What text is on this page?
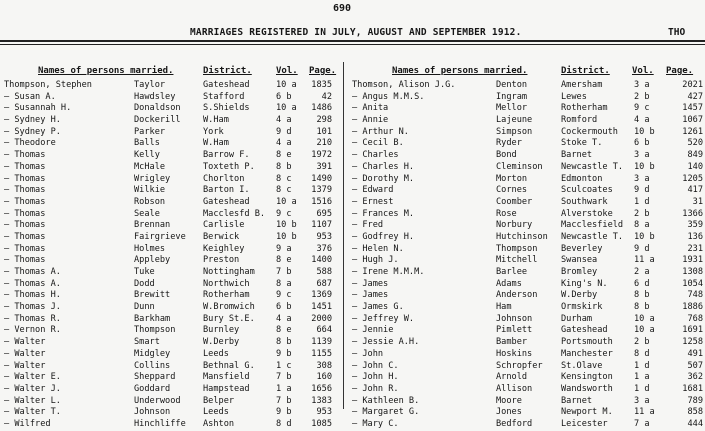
690
MARRIAGES REGISTERED IN JULY, AUGUST AND SEPTEMBER 1912.	THO
Names of persons married.	District.	Vol. Page.
Thompson, Stephen	Taylor	Gateshead	10 a 1835
— Susan A.	Hawdsley	Stafford	6 b	42
— Susannah H.	Donaldson	S.Shields	10 a 1486
— Sydney H.	Dockerill	W.Ham	4 a	298
— Sydney P.	Parker	York	9 d	101
— Theodore	Balls	W.Ham	4 a	210
— Thomas	Kelly	Barrow F.	8 e 1972
— Thomas	McHale	Toxteth P. 8 b	391
— Thomas	Wrigley	Chorlton	8 c 1490
— Thomas	Wilkie	Barton I.	8 c 1379
— Thomas	Robson	Gateshead	10 a 1516
— Thomas	Seale	Macclesfd B. 9 c	695
— Thomas	Brennan	Carlisle	10 b 1107
— Thomas	Fairgrieve Berwick	10 b 953
— Thomas	Holmes	Keighley	9 a	376
— Thomas	Appleby	Preston	8 e 1400
— Thomas A.	Tuke	Nottingham 7 b	588
— Thomas A.	Dodd	Northwich	8 a	687
— Thomas H.	Brewitt	Rotherham	9 c 1369
— Thomas J.	Dunn	W.Bromwich 6 b 1451
— Thomas R.	Barkham	Bury St.E. 4 a 2000
— Vernon R.	Thompson	Burnley	8 e	664
— Walter	Smart	W.Derby	8 b 1139
— Walter	Midgley	Leeds	9 b 1155
— Walter	Collins	Bethnal G. 1 c	308
— Walter E.	Sheppard	Mansfield	7 b	160
— Walter J.	Goddard	Hampstead	1 a 1656
— Walter L.	Underwood	Belper	7 b 1383
— Walter T.	Johnson	Leeds	9 b	953
— Wilfred	Hinchliffe Ashton	8 d 1085
Names of persons married.	District. Vol. Page.
Thomson, Alison J.G.	Denton	Amersham	3 a	2021
— Angus M.M.S.	Ingram	Lewes	2 b	427
— Anita	Mellor	Rotherham	9 c	1457
— Annie	Lajeune	Romford	4 a	1067
— Arthur N.	Simpson	Cockermouth 10 b	1261
— Cecil B.	Ryder	Stoke T.	6 b	520
— Charles	Bond	Barnet	3 a	849
— Charles H.	Cleminson Newcastle T. 10 b	140
— Dorothy M.	Morton	Edmonton	3 a	1205
— Edward	Cornes	Sculcoates 9 d	417
— Ernest	Coomber	Southwark	1 d	31
— Frances M.	Rose	Alverstoke 2 b	1366
— Fred	Norbury	Macclesfield 8 a	359
— Godfrey H.	Hutchinson Newcastle T. 10 b	136
— Helen N.	Thompson	Beverley	9 d	231
— Hugh J.	Mitchell	Swansea	11 a	1931
— Irene M.M.M.	Barlee	Bromley	2 a	1308
— James	Adams	King's N.	6 d	1054
— James	Anderson	W.Derby	8 b	748
— James G.	Ham	Ormskirk	8 b	1886
— Jeffrey W.	Johnson	Durham	10 a	768
— Jennie	Pimlett	Gateshead	10 a	1691
— Jessie A.H.	Bamber	Portsmouth 2 b	1258
— John	Hoskins	Manchester 8 d	491
— John C.	Schropfer St.Olave	1 d	507
— John H.	Arnold	Kensington 1 a	362
— John R.	Allison	Wandsworth 1 d	1681
— Kathleen B.	Moore	Barnet	3 a	789
— Margaret G.	Jones	Newport M. 11 a	858
— Mary C.	Bedford	Leicester	7 a	444
